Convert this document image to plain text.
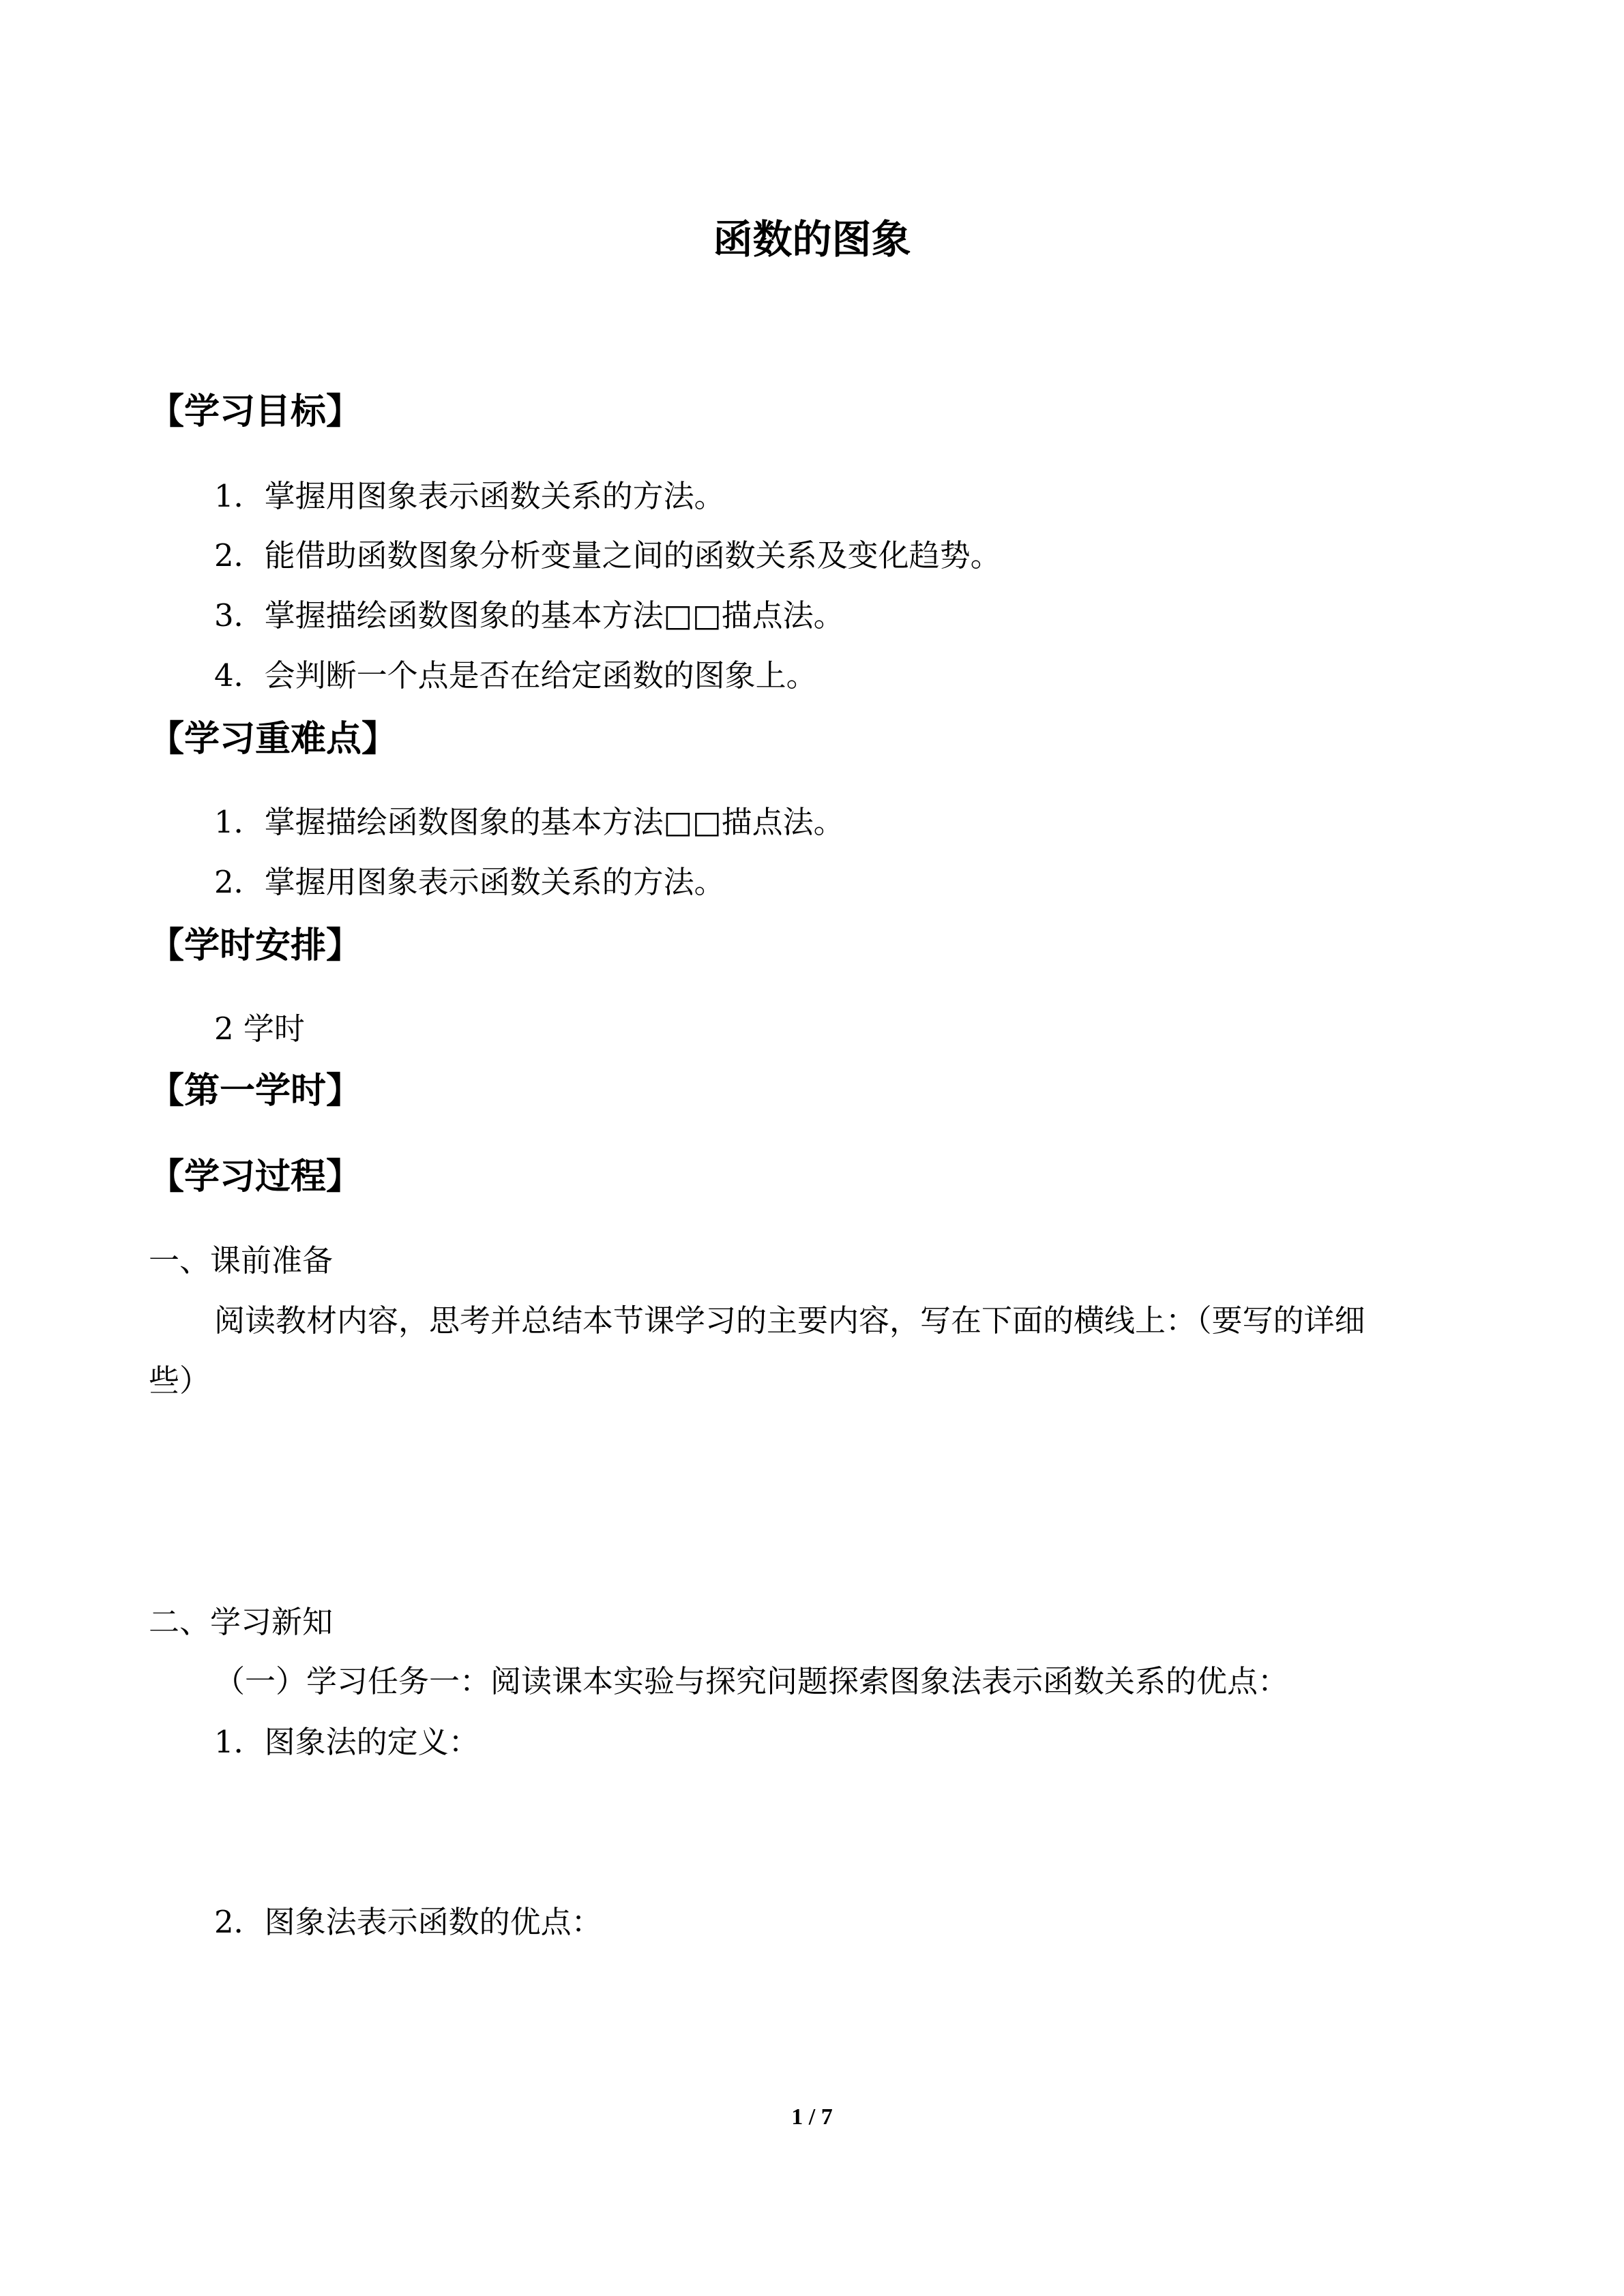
函数的图象
【学习目标】
1．掌握用图象表示函数关系的方法。
2．能借助函数图象分析变量之间的函数关系及变化趋势。
3．掌握描绘函数图象的基本方法□□描点法。
4．会判断一个点是否在给定函数的图象上。
【学习重难点】
1．掌握描绘函数图象的基本方法□□描点法。
2．掌握用图象表示函数关系的方法。
【学时安排】
2 学时
【第一学时】
【学习过程】
一、课前准备
阅读教材内容，思考并总结本节课学习的主要内容，写在下面的横线上：（要写的详细
些）
二、学习新知
（一）学习任务一：阅读课本实验与探究问题探索图象法表示函数关系的优点：
1．图象法的定义：
2．图象法表示函数的优点：
1 / 7
